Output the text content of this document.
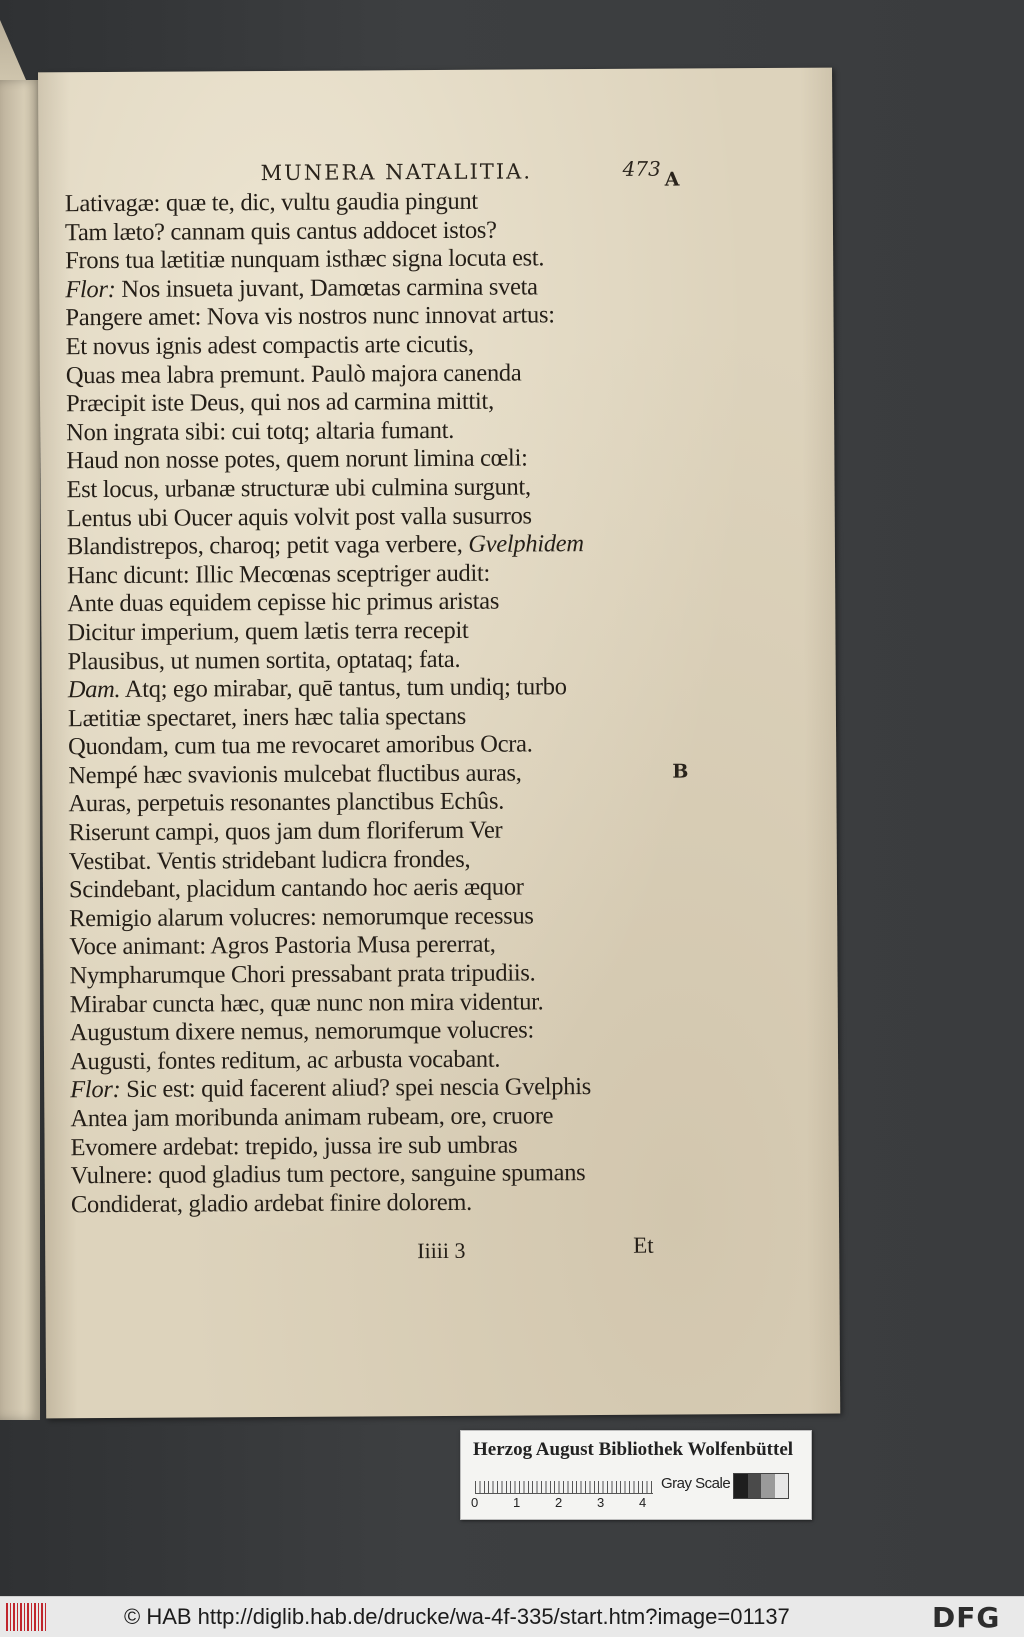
MUNERA NATALITIA.	473 A
B
Lativagæ: quæ te, dic, vultu gaudia pingunt
Tam læto? cannam quis cantus addocet istos?
Frons tua lætitiæ nunquam isthæc signa locuta est.
Flor: Nos insueta juvant, Damœtas carmina sveta
Pangere amet: Nova vis nostros nunc innovat artus:
Et novus ignis adest compactis arte cicutis,
Quas mea labra premunt. Paulò majora canenda
Præcipit iste Deus, qui nos ad carmina mittit,
Non ingrata sibi: cui totq; altaria fumant.
Haud non nosse potes, quem norunt limina cœli:
Est locus, urbanæ structuræ ubi culmina surgunt,
Lentus ubi Oucer aquis volvit post valla susurros
Blandistrepos, charoq; petit vaga verbere, Gvelphidem
Hanc dicunt: Illic Mecœnas sceptriger audit:
Ante duas equidem cepisse hic primus aristas
Dicitur imperium, quem lætis terra recepit
Plausibus, ut numen sortita, optataq; fata.
Dam. Atq; ego mirabar, quē tantus, tum undiq; turbo
Lætitiæ spectaret, iners hæc talia spectans
Quondam, cum tua me revocaret amoribus Ocra.
Nempé hæc svavionis mulcebat fluctibus auras,
Auras, perpetuis resonantes planctibus Echûs.
Riserunt campi, quos jam dum floriferum Ver
Vestibat. Ventis stridebant ludicra frondes,
Scindebant, placidum cantando hoc aeris æquor
Remigio alarum volucres: nemorumque recessus
Voce animant: Agros Pastoria Musa pererrat,
Nympharumque Chori pressabant prata tripudiis.
Mirabar cuncta hæc, quæ nunc non mira videntur.
Augustum dixere nemus, nemorumque volucres:
Augusti, fontes reditum, ac arbusta vocabant.
Flor: Sic est: quid facerent aliud? spei nescia Gvelphis
Antea jam moribunda animam rubeam, ore, cruore
Evomere ardebat: trepido, jussa ire sub umbras
Vulnere: quod gladius tum pectore, sanguine spumans
Condiderat, gladio ardebat finire dolorem.
Iiiii 3	Et
Herzog August Bibliothek Wolfenbüttel
0	1	2	3	4
Gray Scale
© HAB http://diglib.hab.de/drucke/wa-4f-335/start.htm?image=01137	DFG
